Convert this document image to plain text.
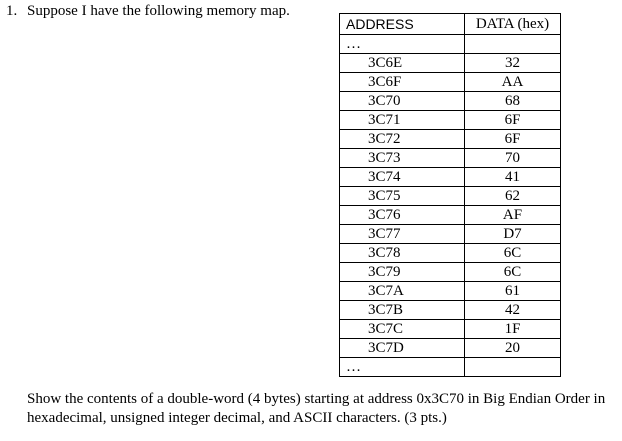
1. Suppose I have the following memory map.
ADDRESS	DATA (hex)
…	
3C6E	32
3C6F	AA
3C70	68
3C71	6F
3C72	6F
3C73	70
3C74	41
3C75	62
3C76	AF
3C77	D7
3C78	6C
3C79	6C
3C7A	61
3C7B	42
3C7C	1F
3C7D	20
…	
Show the contents of a double-word (4 bytes) starting at address 0x3C70 in Big Endian Order in hexadecimal, unsigned integer decimal, and ASCII characters. (3 pts.)
